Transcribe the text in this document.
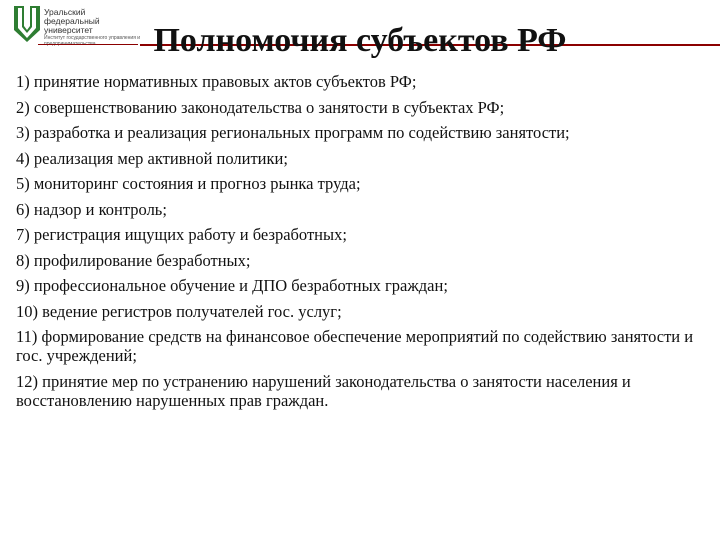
Уральский
федеральный
университет
Институт государственного управления и предпринимательства	Полномочия субъектов РФ
1) принятие нормативных правовых актов субъектов РФ;
2) совершенствованию законодательства о занятости в субъектах РФ;
3) разработка и реализация региональных программ по содействию занятости;
4) реализация мер активной политики;
5) мониторинг состояния и прогноз рынка труда;
6) надзор и контроль;
7) регистрация ищущих работу и безработных;
8) профилирование безработных;
9) профессиональное обучение и ДПО безработных граждан;
10) ведение регистров получателей гос. услуг;
11) формирование средств на финансовое обеспечение мероприятий по содействию занятости и гос. учреждений;
12) принятие мер по устранению нарушений законодательства о занятости населения и восстановлению нарушенных прав граждан.
